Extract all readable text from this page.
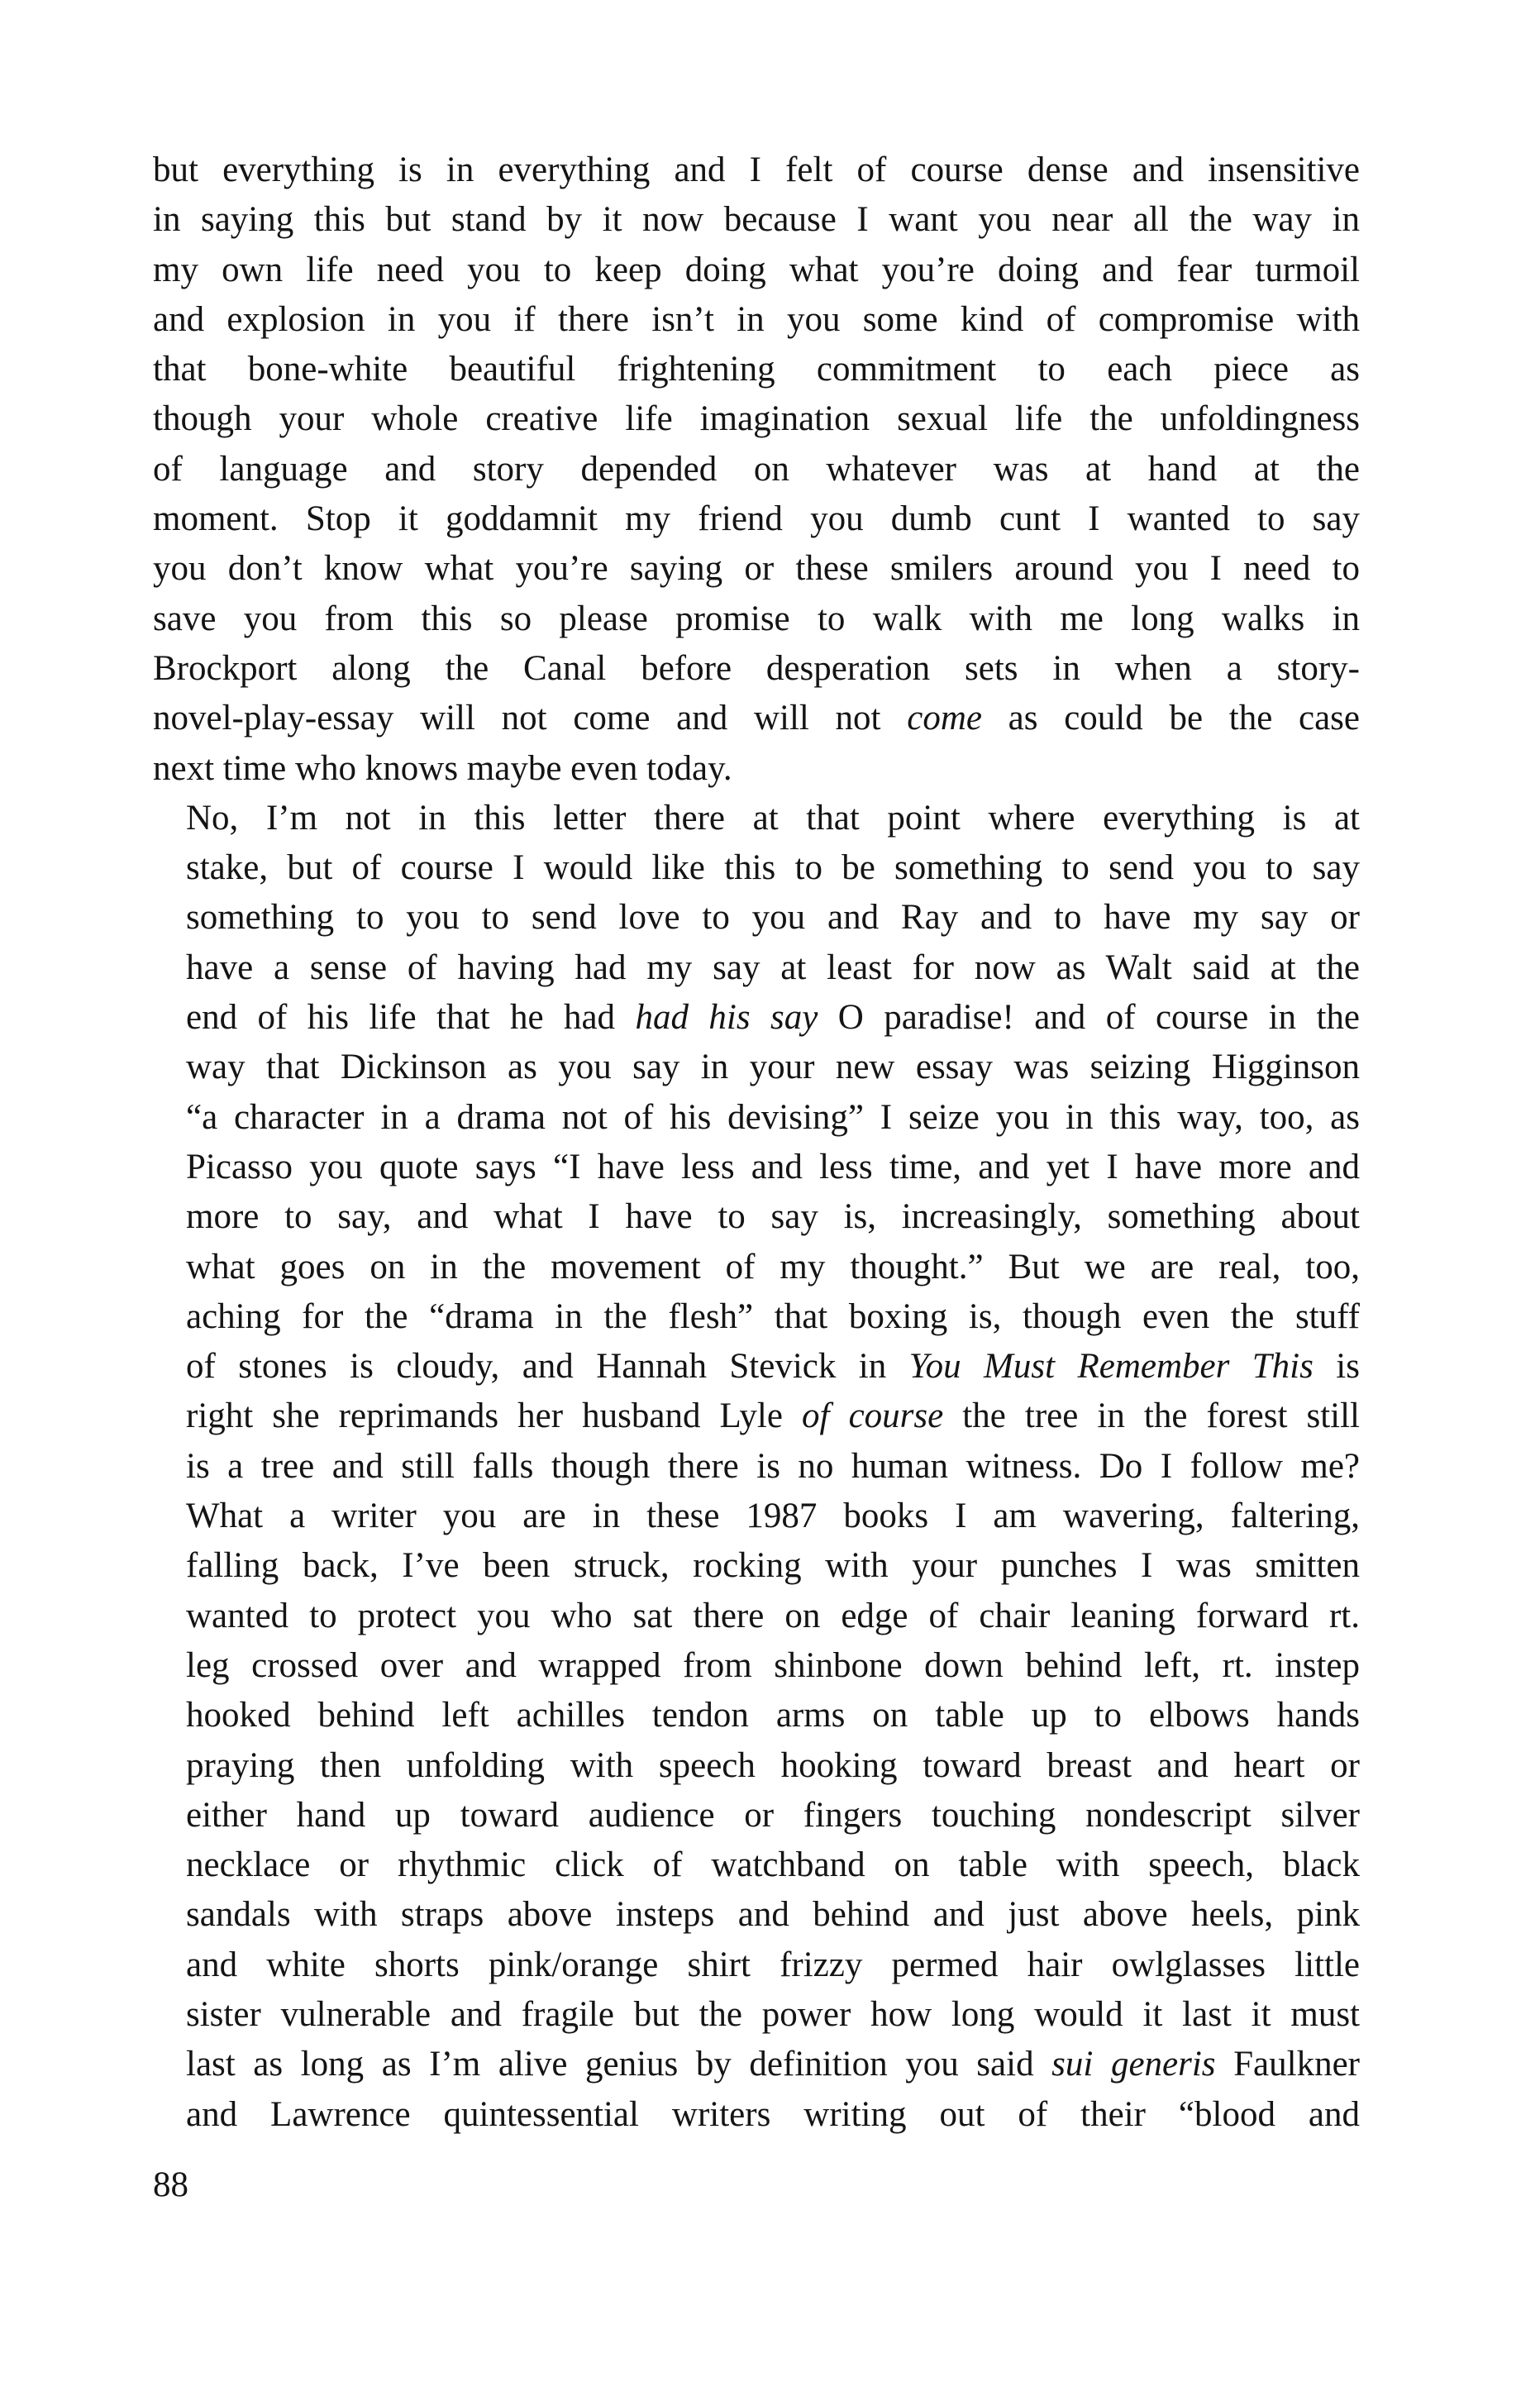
but everything is in everything and I felt of course dense and insensitive
in saying this but stand by it now because I want you near all the way in
my own life need you to keep doing what you’re doing and fear turmoil
and explosion in you if there isn’t in you some kind of compromise with
that bone-white beautiful frightening commitment to each piece as
though your whole creative life imagination sexual life the unfoldingness
of language and story depended on whatever was at hand at the
moment. Stop it goddamnit my friend you dumb cunt I wanted to say
you don’t know what you’re saying or these smilers around you I need to
save you from this so please promise to walk with me long walks in
Brockport along the Canal before desperation sets in when a story-
novel-play-essay will not come and will not come as could be the case
next time who knows maybe even today.
No, I’m not in this letter there at that point where everything is at
stake, but of course I would like this to be something to send you to say
something to you to send love to you and Ray and to have my say or
have a sense of having had my say at least for now as Walt said at the
end of his life that he had had his say O paradise! and of course in the
way that Dickinson as you say in your new essay was seizing Higginson
“a character in a drama not of his devising” I seize you in this way, too, as
Picasso you quote says “I have less and less time, and yet I have more and
more to say, and what I have to say is, increasingly, something about
what goes on in the movement of my thought.” But we are real, too,
aching for the “drama in the flesh” that boxing is, though even the stuff
of stones is cloudy, and Hannah Stevick in You Must Remember This is
right she reprimands her husband Lyle of course the tree in the forest still
is a tree and still falls though there is no human witness. Do I follow me?
What a writer you are in these 1987 books I am wavering, faltering,
falling back, I’ve been struck, rocking with your punches I was smitten
wanted to protect you who sat there on edge of chair leaning forward rt.
leg crossed over and wrapped from shinbone down behind left, rt. instep
hooked behind left achilles tendon arms on table up to elbows hands
praying then unfolding with speech hooking toward breast and heart or
either hand up toward audience or fingers touching nondescript silver
necklace or rhythmic click of watchband on table with speech, black
sandals with straps above insteps and behind and just above heels, pink
and white shorts pink/orange shirt frizzy permed hair owlglasses little
sister vulnerable and fragile but the power how long would it last it must
last as long as I’m alive genius by definition you said sui generis Faulkner
and Lawrence quintessential writers writing out of their “blood and
88
